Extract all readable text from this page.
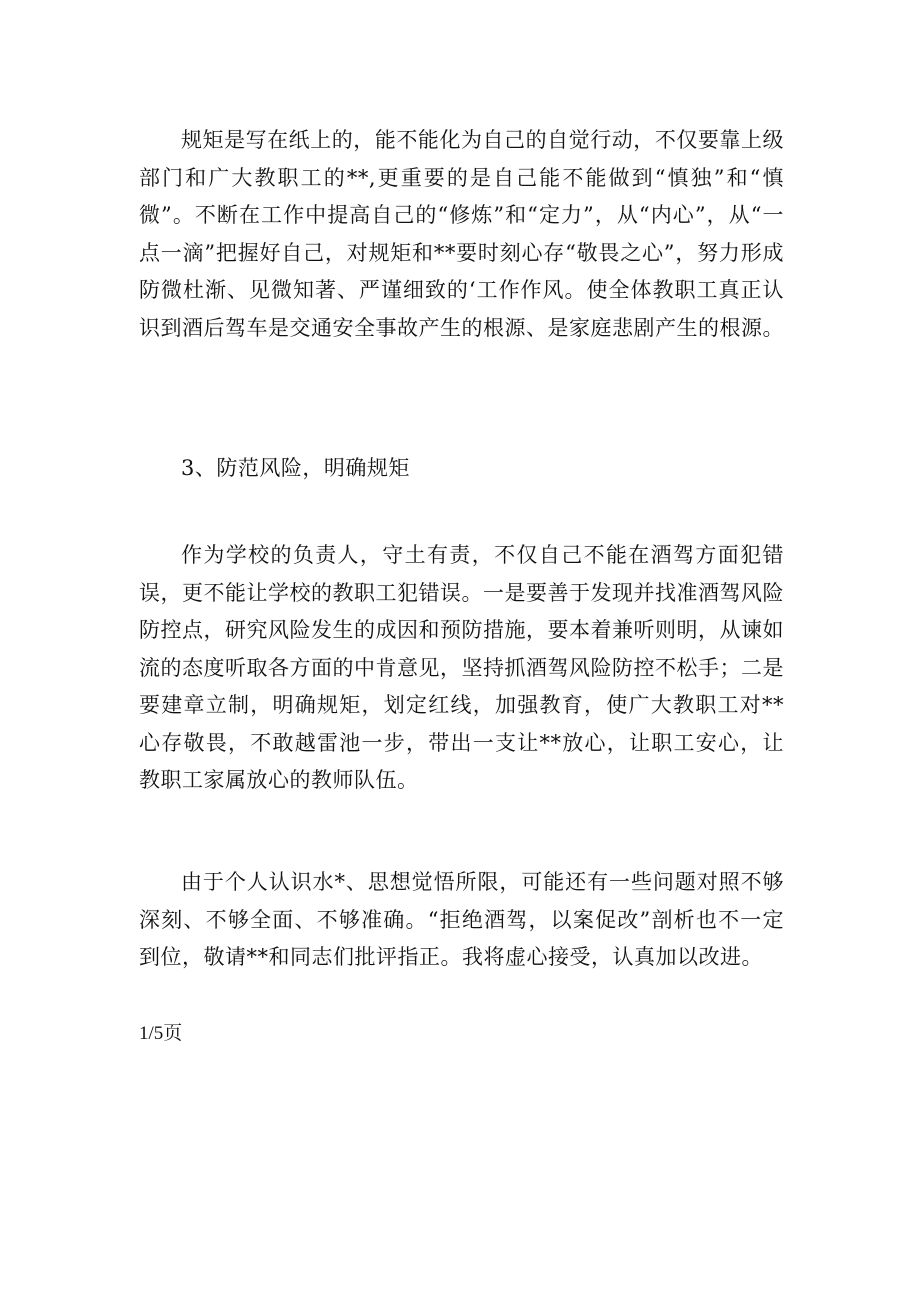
规矩是写在纸上的，能不能化为自己的自觉行动，不仅要靠上级部门和广大教职工的**,更重要的是自己能不能做到“慎独”和“慎微”。不断在工作中提高自己的“修炼”和“定力”，从“内心”，从“一点一滴”把握好自己，对规矩和**要时刻心存“敬畏之心”，努力形成防微杜渐、见微知著、严谨细致的‘工作作风。使全体教职工真正认识到酒后驾车是交通安全事故产生的根源、是家庭悲剧产生的根源。

3、防范风险，明确规矩

作为学校的负责人，守土有责，不仅自己不能在酒驾方面犯错误，更不能让学校的教职工犯错误。一是要善于发现并找准酒驾风险防控点，研究风险发生的成因和预防措施，要本着兼听则明，从谏如流的态度听取各方面的中肯意见，坚持抓酒驾风险防控不松手；二是要建章立制，明确规矩，划定红线，加强教育，使广大教职工对**心存敬畏，不敢越雷池一步，带出一支让**放心，让职工安心，让教职工家属放心的教师队伍。

由于个人认识水*、思想觉悟所限，可能还有一些问题对照不够深刻、不够全面、不够准确。“拒绝酒驾，以案促改”剖析也不一定到位，敬请**和同志们批评指正。我将虚心接受，认真加以改进。

1/5页
